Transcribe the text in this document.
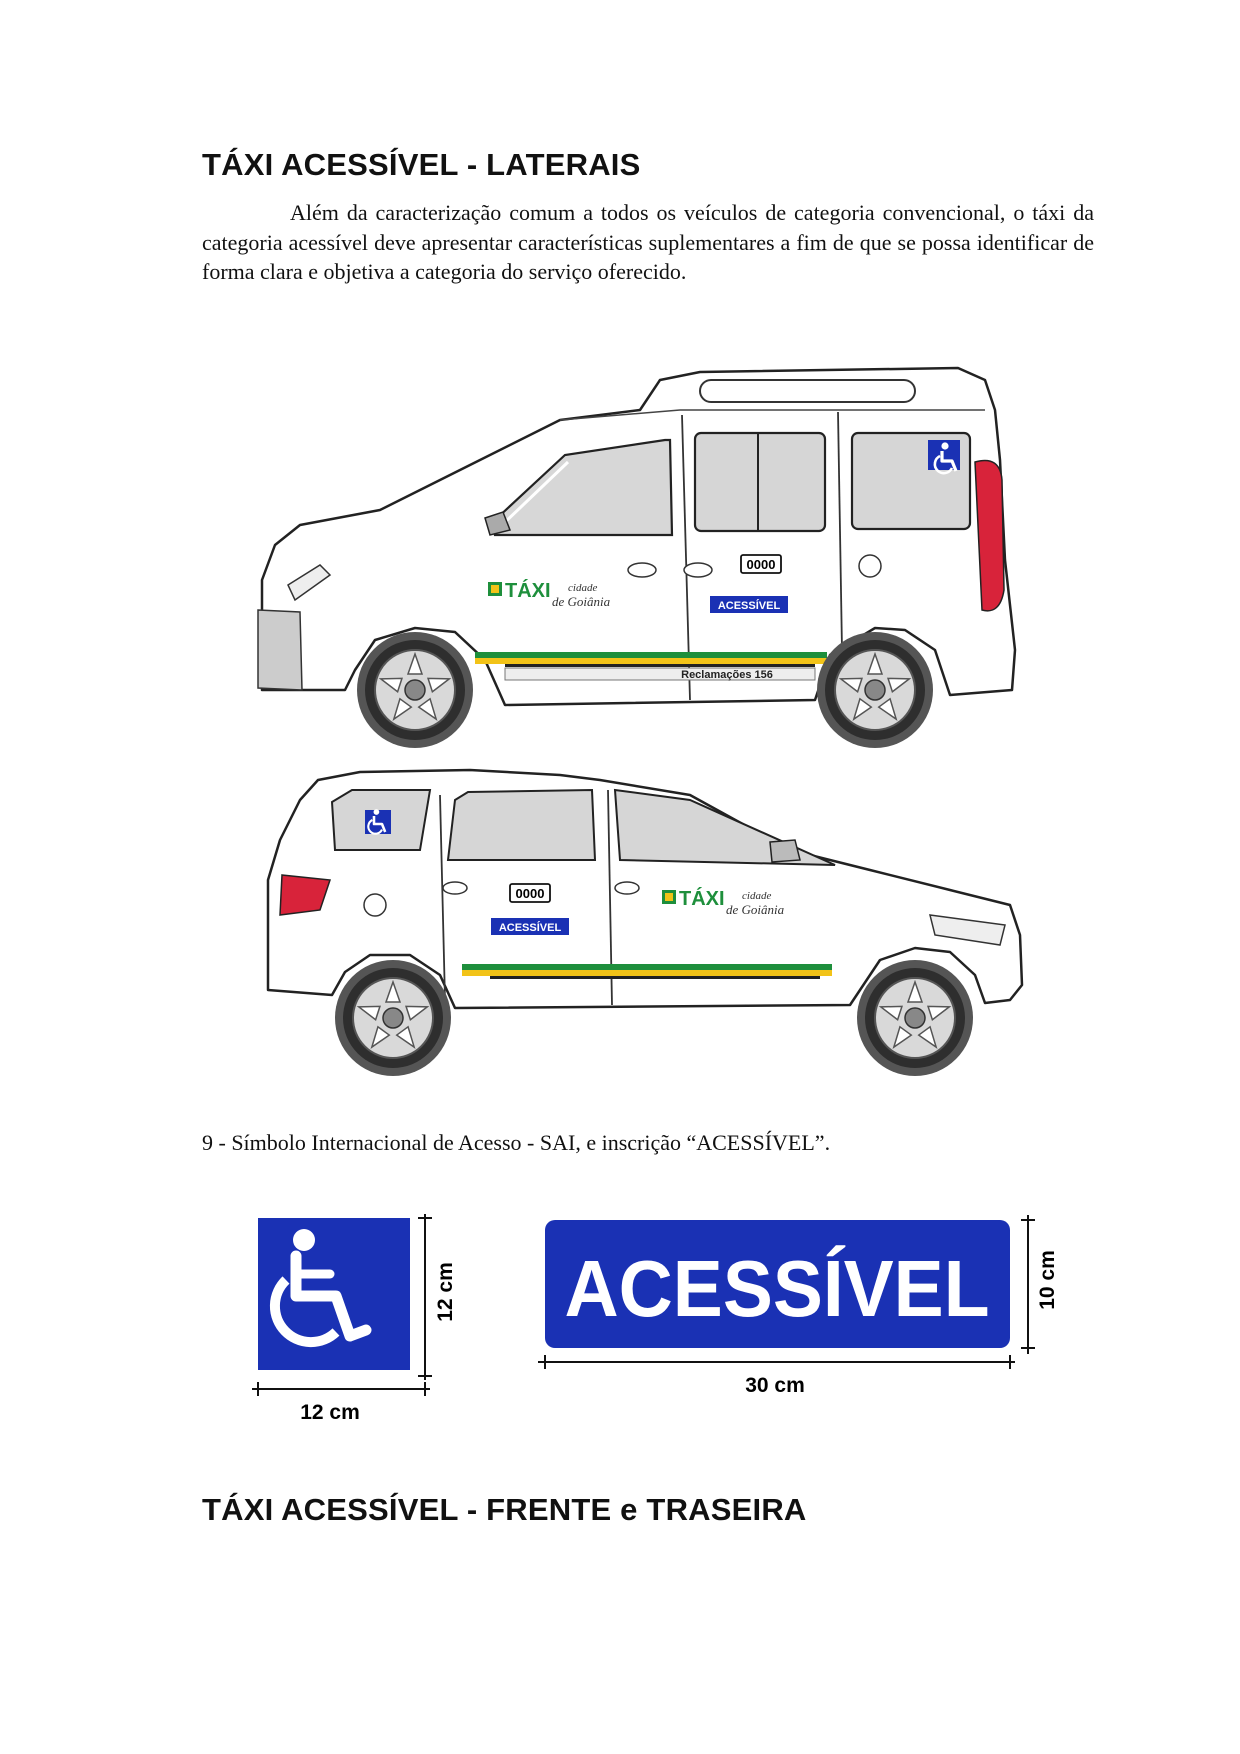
TÁXI ACESSÍVEL - LATERAIS

Além da caracterização comum a todos os veículos de categoria convencional, o táxi da categoria acessível deve apresentar características suplementares a fim de que se possa identificar de forma clara e objetiva a categoria do serviço oferecido.

TÁXI cidade
de Goiânia
0000
ACESSÍVEL
Reclamações 156
TÁXI cidade
de Goiânia
0000
ACESSÍVEL
12 cm
12 cm
ACESSÍVEL 10 cm
30 cm

9 - Símbolo Internacional de Acesso - SAI, e inscrição “ACESSÍVEL”.

TÁXI ACESSÍVEL - FRENTE e TRASEIRA
